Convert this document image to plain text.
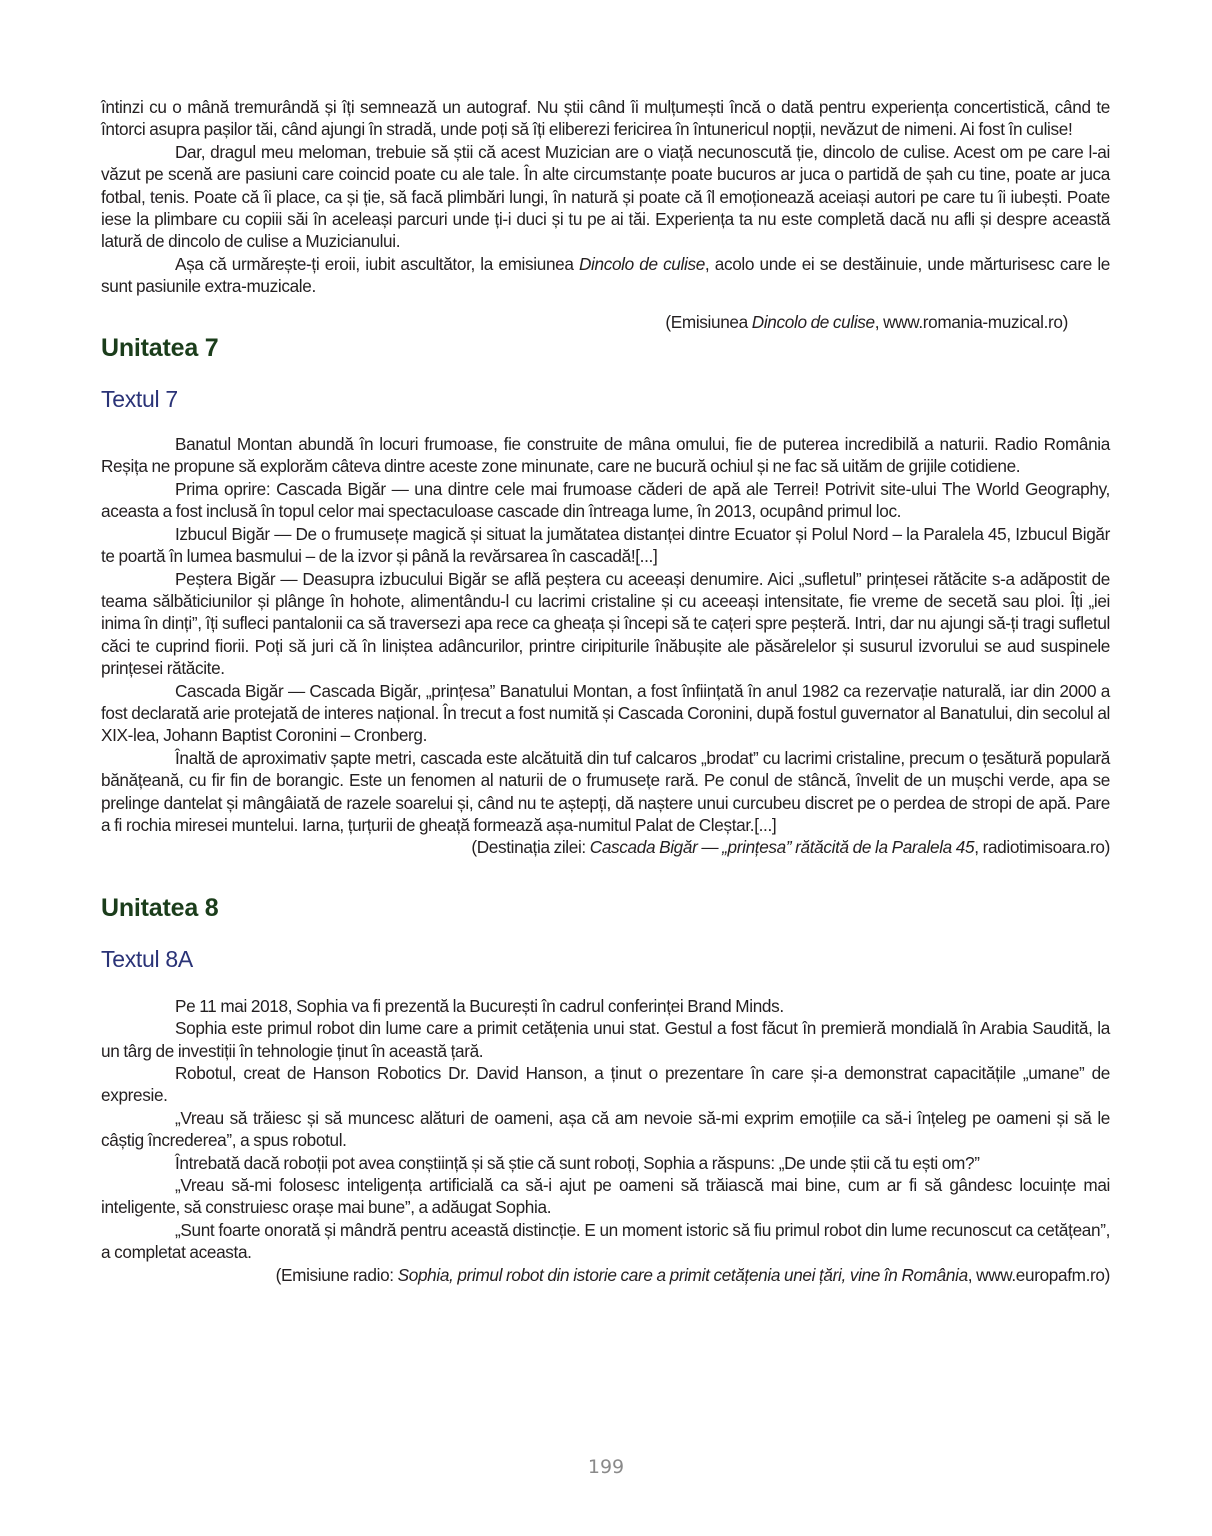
întinzi cu o mână tremurândă și îți semnează un autograf. Nu știi când îi mulțumești încă o dată pentru experiența concertistică, când te întorci asupra pașilor tăi, când ajungi în stradă, unde poți să îți eliberezi fericirea în întunericul nopții, nevăzut de nimeni. Ai fost în culise!

Dar, dragul meu meloman, trebuie să știi că acest Muzician are o viață necunoscută ție, dincolo de culise. Acest om pe care l-ai văzut pe scenă are pasiuni care coincid poate cu ale tale. În alte circumstanțe poate bucuros ar juca o partidă de șah cu tine, poate ar juca fotbal, tenis. Poate că îi place, ca și ție, să facă plimbări lungi, în natură și poate că îl emoționează aceiași autori pe care tu îi iubești. Poate iese la plimbare cu copiii săi în aceleași parcuri unde ți-i duci și tu pe ai tăi. Experiența ta nu este completă dacă nu afli și despre această latură de dincolo de culise a Muzicianului.

Așa că urmărește-ți eroii, iubit ascultător, la emisiunea Dincolo de culise, acolo unde ei se destăinuie, unde mărturisesc care le sunt pasiunile extra-muzicale.

(Emisiunea Dincolo de culise, www.romania-muzical.ro)

Unitatea 7
Textul 7

Banatul Montan abundă în locuri frumoase, fie construite de mâna omului, fie de puterea incredibilă a naturii. Radio România Reșița ne propune să explorăm câteva dintre aceste zone minunate, care ne bucură ochiul și ne fac să uităm de grijile cotidiene.

Prima oprire: Cascada Bigăr — una dintre cele mai frumoase căderi de apă ale Terrei! Potrivit site-ului The World Geography, aceasta a fost inclusă în topul celor mai spectaculoase cascade din întreaga lume, în 2013, ocupând primul loc.

Izbucul Bigăr — De o frumusețe magică și situat la jumătatea distanței dintre Ecuator și Polul Nord – la Paralela 45, Izbucul Bigăr te poartă în lumea basmului – de la izvor și până la revărsarea în cascadă![...]

Peștera Bigăr — Deasupra izbucului Bigăr se află peștera cu aceeași denumire. Aici „sufletul” prințesei rătăcite s-a adăpostit de teama sălbăticiunilor și plânge în hohote, alimentându-l cu lacrimi cristaline și cu aceeași intensitate, fie vreme de secetă sau ploi. Îți „iei inima în dinți”, îți sufleci pantalonii ca să traversezi apa rece ca gheața și începi să te cațeri spre peșteră. Intri, dar nu ajungi să-ți tragi sufletul căci te cuprind fiorii. Poți să juri că în liniștea adâncurilor, printre ciripiturile înăbușite ale păsărelelor și susurul izvorului se aud suspinele prințesei rătăcite.

Cascada Bigăr — Cascada Bigăr, „prințesa” Banatului Montan, a fost înființată în anul 1982 ca rezervație naturală, iar din 2000 a fost declarată arie protejată de interes național. În trecut a fost numită și Cascada Coronini, după fostul guvernator al Banatului, din secolul al XIX-lea, Johann Baptist Coronini – Cronberg.

Înaltă de aproximativ șapte metri, cascada este alcătuită din tuf calcaros „brodat” cu lacrimi cristaline, precum o țesătură populară bănățeană, cu fir fin de borangic. Este un fenomen al naturii de o frumusețe rară. Pe conul de stâncă, învelit de un mușchi verde, apa se prelinge dantelat și mângâiată de razele soarelui și, când nu te aștepți, dă naștere unui curcubeu discret pe o perdea de stropi de apă. Pare a fi rochia miresei muntelui. Iarna, țurțurii de gheață formează așa-numitul Palat de Cleștar.[...]

(Destinația zilei: Cascada Bigăr — „prințesa” rătăcită de la Paralela 45, radiotimisoara.ro)

Unitatea 8
Textul 8A

Pe 11 mai 2018, Sophia va fi prezentă la București în cadrul conferinței Brand Minds.

Sophia este primul robot din lume care a primit cetățenia unui stat. Gestul a fost făcut în premieră mondială în Arabia Saudită, la un târg de investiții în tehnologie ținut în această țară.

Robotul, creat de Hanson Robotics Dr. David Hanson, a ținut o prezentare în care și-a demonstrat capacitățile „umane” de expresie.

„Vreau să trăiesc și să muncesc alături de oameni, așa că am nevoie să-mi exprim emoțiile ca să-i înțeleg pe oameni și să le câștig încrederea”, a spus robotul.

Întrebată dacă roboții pot avea conștiință și să știe că sunt roboți, Sophia a răspuns: „De unde știi că tu ești om?”

„Vreau să-mi folosesc inteligența artificială ca să-i ajut pe oameni să trăiască mai bine, cum ar fi să gândesc locuințe mai inteligente, să construiesc orașe mai bune”, a adăugat Sophia.

„Sunt foarte onorată și mândră pentru această distincție. E un moment istoric să fiu primul robot din lume recunoscut ca cetățean”, a completat aceasta.

(Emisiune radio: Sophia, primul robot din istorie care a primit cetățenia unei țări, vine în România, www.europafm.ro)

199
